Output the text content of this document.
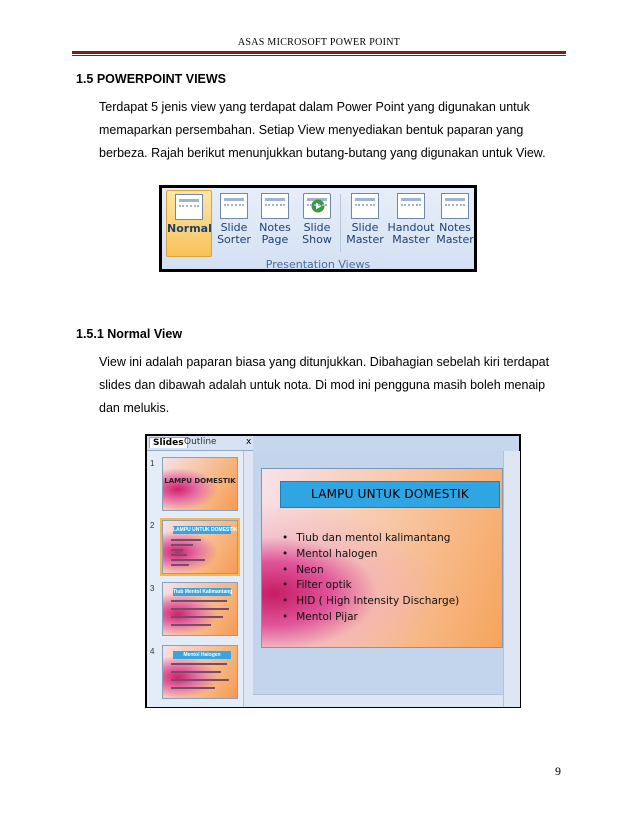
ASAS MICROSOFT POWER POINT
1.5 POWERPOINT VIEWS
Terdapat 5 jenis view yang terdapat dalam Power Point yang digunakan untuk
memaparkan persembahan. Setiap View menyediakan bentuk paparan yang
berbeza. Rajah berikut menunjukkan butang-butang yang digunakan untuk View.
Normal Slide
Sorter
Notes
Page
Slide
Show
Slide
Master
Handout
Master
Notes
Master
Presentation Views
1.5.1 Normal View
View ini adalah paparan biasa yang ditunjukkan. Dibahagian sebelah kiri terdapat
slides dan dibawah adalah untuk nota. Di mod ini pengguna masih boleh menaip
dan melukis.
Slides Outline	x
1
LAMPU DOMESTIK
2	LAMPU UNTUK DOMESTIK
3	Tiub Mentol Kalimantang
4	Mentol Halogen
LAMPU UNTUK DOMESTIK
• Tiub dan mentol kalimantang
• Mentol halogen
• Neon
• Filter optik
• HID ( High Intensity Discharge)
• Mentol Pijar
9
